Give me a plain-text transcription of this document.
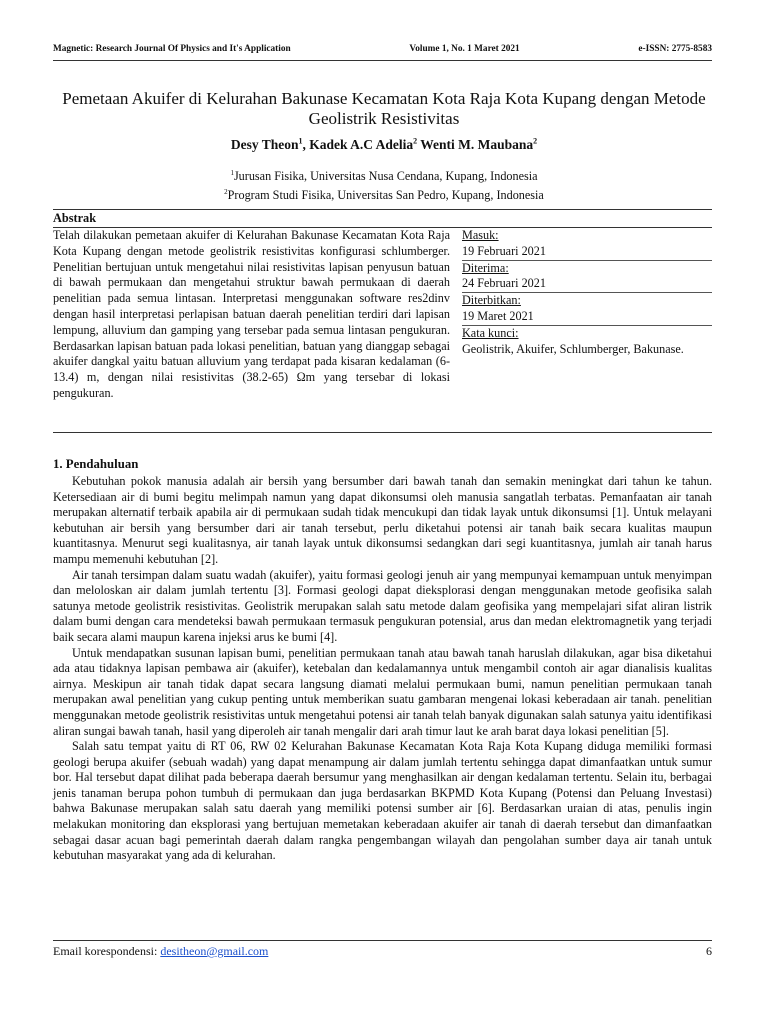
Magnetic: Research Journal Of Physics and It's Application	Volume 1, No. 1 Maret 2021	e-ISSN: 2775-8583
Pemetaan Akuifer di Kelurahan Bakunase Kecamatan Kota Raja Kota Kupang dengan Metode Geolistrik Resistivitas
Desy Theon$^1$, Kadek A.C Adelia$^2$ Wenti M. Maubana$^2$
$^1$Jurusan Fisika, Universitas Nusa Cendana, Kupang, Indonesia
$^2$Program Studi Fisika, Universitas San Pedro, Kupang, Indonesia
Abstrak

Telah dilakukan pemetaan akuifer di Kelurahan Bakunase Kecamatan Kota Raja Kota Kupang dengan metode geolistrik resistivitas konfigurasi schlumberger. Penelitian bertujuan untuk mengetahui nilai resistivitas lapisan penyusun batuan di bawah permukaan dan mengetahui struktur bawah permukaan di daerah penelitian pada semua lintasan. Interpretasi menggunakan software res2dinv dengan hasil interpretasi perlapisan batuan daerah penelitian terdiri dari lapisan lempung, alluvium dan gamping yang tersebar pada semua lintasan pengukuran. Berdasarkan lapisan batuan pada lokasi penelitian, batuan yang dianggap sebagai akuifer dangkal yaitu batuan alluvium yang terdapat pada kisaran kedalaman (6-13.4) m, dengan nilai resistivitas (38.2-65) Ωm yang tersebar di lokasi pengukuran.

Masuk:
19 Februari 2021
Diterima:
24 Februari 2021
Diterbitkan:
19 Maret 2021
Kata kunci:
Geolistrik, Akuifer, Schlumberger, Bakunase.
1. Pendahuluan

Kebutuhan pokok manusia adalah air bersih yang bersumber dari bawah tanah dan semakin meningkat dari tahun ke tahun. Ketersediaan air di bumi begitu melimpah namun yang dapat dikonsumsi oleh manusia sangatlah terbatas. Pemanfaatan air tanah merupakan alternatif terbaik apabila air di permukaan sudah tidak mencukupi dan tidak layak untuk dikonsumsi [1]. Untuk melayani kebutuhan air bersih yang bersumber dari air tanah tersebut, perlu diketahui potensi air tanah baik secara kualitas maupun kuantitasnya. Menurut segi kualitasnya, air tanah layak untuk dikonsumsi sedangkan dari segi kuantitasnya, jumlah air tanah harus mampu memenuhi kebutuhan [2].

Air tanah tersimpan dalam suatu wadah (akuifer), yaitu formasi geologi jenuh air yang mempunyai kemampuan untuk menyimpan dan meloloskan air dalam jumlah tertentu [3]. Formasi geologi dapat dieksplorasi dengan menggunakan metode geofisika salah satunya metode geolistrik resistivitas. Geolistrik merupakan salah satu metode dalam geofisika yang mempelajari sifat aliran listrik dalam bumi dengan cara mendeteksi bawah permukaan termasuk pengukuran potensial, arus dan medan elektromagnetik yang terjadi baik secara alami maupun karena injeksi arus ke bumi [4].

Untuk mendapatkan susunan lapisan bumi, penelitian permukaan tanah atau bawah tanah haruslah dilakukan, agar bisa diketahui ada atau tidaknya lapisan pembawa air (akuifer), ketebalan dan kedalamannya untuk mengambil contoh air agar dianalisis kualitas airnya. Meskipun air tanah tidak dapat secara langsung diamati melalui permukaan bumi, namun penelitian permukaan tanah merupakan awal penelitian yang cukup penting untuk memberikan suatu gambaran mengenai lokasi keberadaan air tanah. penelitian menggunakan metode geolistrik resistivitas untuk mengetahui potensi air tanah telah banyak digunakan salah satunya yaitu identifikasi aliran sungai bawah tanah, hasil yang diperoleh air tanah mengalir dari arah timur laut ke arah barat daya lokasi penelitian [5].

Salah satu tempat yaitu di RT 06, RW 02 Kelurahan Bakunase Kecamatan Kota Raja Kota Kupang diduga memiliki formasi geologi berupa akuifer (sebuah wadah) yang dapat menampung air dalam jumlah tertentu sehingga dapat dimanfaatkan untuk sumur bor. Hal tersebut dapat dilihat pada beberapa daerah bersumur yang menghasilkan air dengan kedalaman tertentu. Selain itu, berbagai jenis tanaman berupa pohon tumbuh di permukaan dan juga berdasarkan BKPMD Kota Kupang (Potensi dan Peluang Investasi) bahwa Bakunase merupakan salah satu daerah yang memiliki potensi sumber air [6]. Berdasarkan uraian di atas, penulis ingin melakukan monitoring dan eksplorasi yang bertujuan memetakan keberadaan akuifer air tanah di daerah tersebut dan dimanfaatkan sebagai dasar acuan bagi pemerintah daerah dalam rangka pengembangan wilayah dan pengolahan sumber daya air tanah untuk kebutuhan masyarakat yang ada di kelurahan.

Email korespondensi: desitheon@gmail.com	6
